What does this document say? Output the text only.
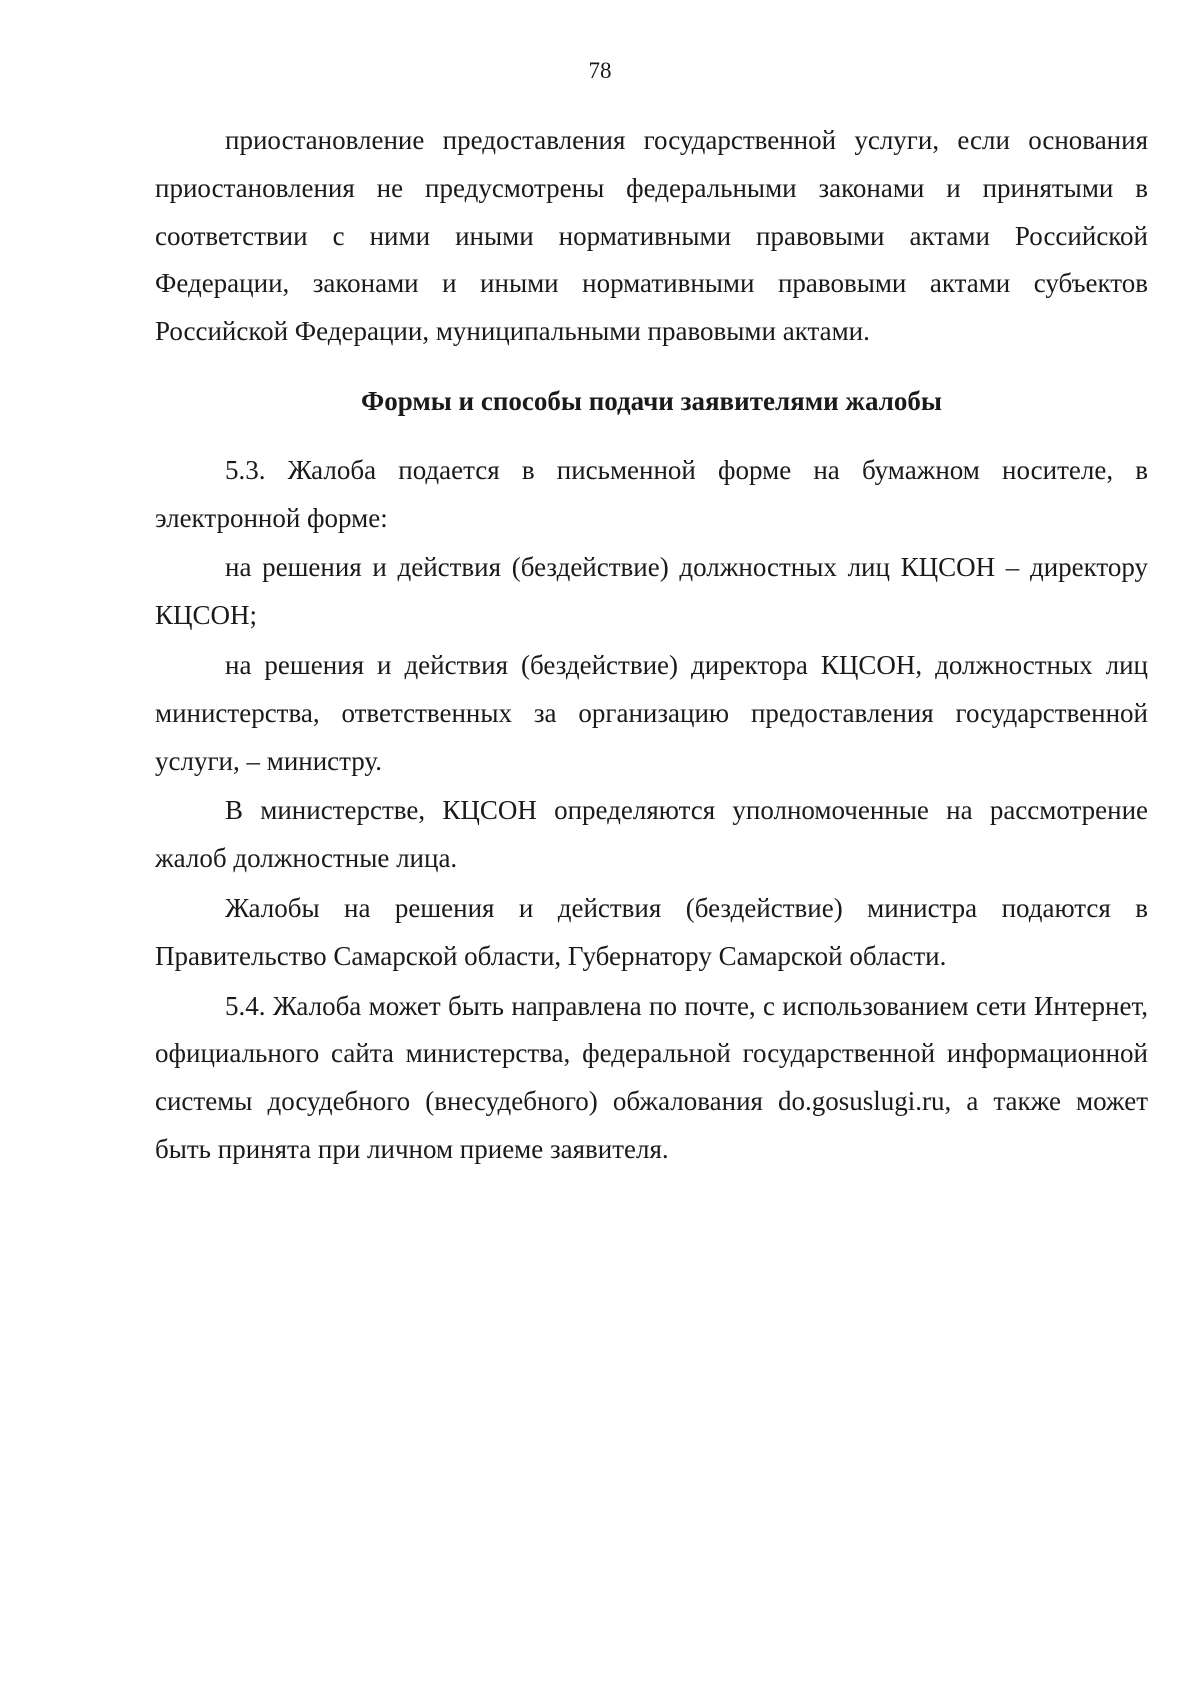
78

приостановление предоставления государственной услуги, если основания приостановления не предусмотрены федеральными законами и принятыми в соответствии с ними иными нормативными правовыми актами Российской Федерации, законами и иными нормативными правовыми актами субъектов Российской Федерации, муниципальными правовыми актами.

Формы и способы подачи заявителями жалобы

5.3. Жалоба подается в письменной форме на бумажном носителе, в электронной форме:

на решения и действия (бездействие) должностных лиц КЦСОН – директору КЦСОН;

на решения и действия (бездействие) директора КЦСОН, должностных лиц министерства, ответственных за организацию предоставления государственной услуги, – министру.

В министерстве, КЦСОН определяются уполномоченные на рассмотрение жалоб должностные лица.

Жалобы на решения и действия (бездействие) министра подаются в Правительство Самарской области, Губернатору Самарской области.

5.4. Жалоба может быть направлена по почте, с использованием сети Интернет, официального сайта министерства, федеральной государственной информационной системы досудебного (внесудебного) обжалования do.gosuslugi.ru, а также может быть принята при личном приеме заявителя.
